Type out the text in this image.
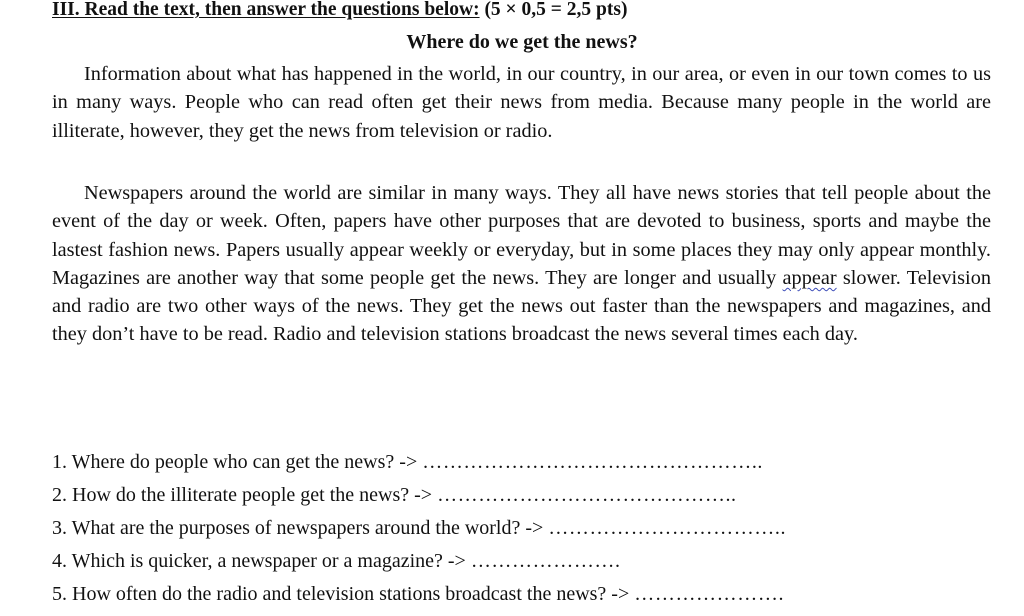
III. Read the text, then answer the questions below: (5 × 0,5 = 2,5 pts)
Where do we get the news?

Information about what has happened in the world, in our country, in our area, or even in our town comes to us in many ways. People who can read often get their news from media. Because many people in the world are illiterate, however, they get the news from television or radio.

Newspapers around the world are similar in many ways. They all have news stories that tell people about the event of the day or week. Often, papers have other purposes that are devoted to business, sports and maybe the lastest fashion news. Papers usually appear weekly or everyday, but in some places they may only appear monthly. Magazines are another way that some people get the news. They are longer and usually appear slower. Television and radio are two other ways of the news. They get the news out faster than the newspapers and magazines, and they don’t have to be read. Radio and television stations broadcast the news several times each day.

1. Where do people who can get the news? -> …………………………………………..
2. How do the illiterate people get the news? -> ……………………………………..
3. What are the purposes of newspapers around the world? -> ……………………………..
4. Which is quicker, a newspaper or a magazine? -> ………………….
5. How often do the radio and television stations broadcast the news? -> ………………….
